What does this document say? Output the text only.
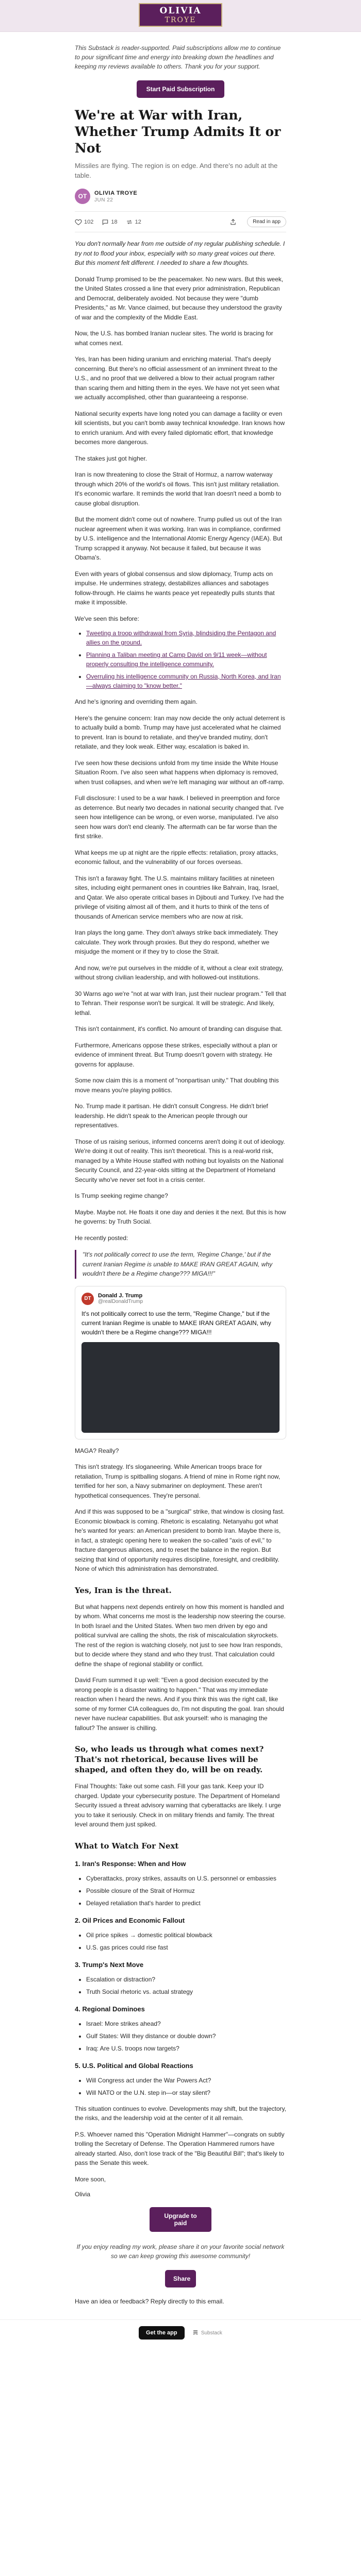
OLIVIA
TROYE

This Substack is reader-supported. Paid subscriptions allow me to continue to pour significant time and energy into breaking down the headlines and keeping my reviews available to others. Thank you for your support.

Start Paid Subscription
We're at War with Iran, Whether Trump Admits It or Not

Missiles are flying. The region is on edge. And there's no adult at the table.

OT	OLIVIA TROYE
JUN 22
102	18	12	Read in app

You don't normally hear from me outside of my regular publishing schedule. I try not to flood your inbox, especially with so many great voices out there. But this moment felt different. I needed to share a few thoughts.

Donald Trump promised to be the peacemaker. No new wars. But this week, the United States crossed a line that every prior administration, Republican and Democrat, deliberately avoided. Not because they were "dumb Presidents," as Mr. Vance claimed, but because they understood the gravity of war and the complexity of the Middle East.

Now, the U.S. has bombed Iranian nuclear sites. The world is bracing for what comes next.

Yes, Iran has been hiding uranium and enriching material. That's deeply concerning. But there's no official assessment of an imminent threat to the U.S., and no proof that we delivered a blow to their actual program rather than scaring them and hitting them in the eyes. We have not yet seen what we actually accomplished, other than guaranteeing a response.

National security experts have long noted you can damage a facility or even kill scientists, but you can't bomb away technical knowledge. Iran knows how to enrich uranium. And with every failed diplomatic effort, that knowledge becomes more dangerous.

The stakes just got higher.

Iran is now threatening to close the Strait of Hormuz, a narrow waterway through which 20% of the world's oil flows. This isn't just military retaliation. It's economic warfare. It reminds the world that Iran doesn't need a bomb to cause global disruption.

But the moment didn't come out of nowhere. Trump pulled us out of the Iran nuclear agreement when it was working. Iran was in compliance, confirmed by U.S. intelligence and the International Atomic Energy Agency (IAEA). But Trump scrapped it anyway. Not because it failed, but because it was Obama's.

Even with years of global consensus and slow diplomacy, Trump acts on impulse. He undermines strategy, destabilizes alliances and sabotages follow-through. He claims he wants peace yet repeatedly pulls stunts that make it impossible.

We've seen this before:

• Tweeting a troop withdrawal from Syria, blindsiding the Pentagon and allies on the ground.
• Planning a Taliban meeting at Camp David on 9/11 week—without properly consulting the intelligence community.
• Overruling his intelligence community on Russia, North Korea, and Iran—always claiming to "know better."

And he's ignoring and overriding them again.

Here's the genuine concern: Iran may now decide the only actual deterrent is to actually build a bomb. Trump may have just accelerated what he claimed to prevent. Iran is bound to retaliate, and they've branded mutiny, don't retaliate, and they look weak. Either way, escalation is baked in.

I've seen how these decisions unfold from my time inside the White House Situation Room. I've also seen what happens when diplomacy is removed, when trust collapses, and when we're left managing war without an off-ramp.

Full disclosure: I used to be a war hawk. I believed in preemption and force as deterrence. But nearly two decades in national security changed that. I've seen how intelligence can be wrong, or even worse, manipulated. I've also seen how wars don't end cleanly. The aftermath can be far worse than the first strike.

What keeps me up at night are the ripple effects: retaliation, proxy attacks, economic fallout, and the vulnerability of our forces overseas.

This isn't a faraway fight. The U.S. maintains military facilities at nineteen sites, including eight permanent ones in countries like Bahrain, Iraq, Israel, and Qatar. We also operate critical bases in Djibouti and Turkey. I've had the privilege of visiting almost all of them, and it hurts to think of the tens of thousands of American service members who are now at risk.

Iran plays the long game. They don't always strike back immediately. They calculate. They work through proxies. But they do respond, whether we misjudge the moment or if they try to close the Strait.

And now, we're put ourselves in the middle of it, without a clear exit strategy, without strong civilian leadership, and with hollowed-out institutions.

30 Warns ago we're "not at war with Iran, just their nuclear program." Tell that to Tehran. Their response won't be surgical. It will be strategic. And likely, lethal.

This isn't containment, it's conflict. No amount of branding can disguise that.

Furthermore, Americans oppose these strikes, especially without a plan or evidence of imminent threat. But Trump doesn't govern with strategy. He governs for applause.

Some now claim this is a moment of "nonpartisan unity." That doubling this move means you're playing politics.

No. Trump made it partisan. He didn't consult Congress. He didn't brief leadership. He didn't speak to the American people through our representatives.

Those of us raising serious, informed concerns aren't doing it out of ideology. We're doing it out of reality. This isn't theoretical. This is a real-world risk, managed by a White House staffed with nothing but loyalists on the National Security Council, and 22-year-olds sitting at the Department of Homeland Security who've never set foot in a crisis center.

Is Trump seeking regime change?

Maybe. Maybe not. He floats it one day and denies it the next. But this is how he governs: by Truth Social.

He recently posted:

"It's not politically correct to use the term, 'Regime Change,' but if the current Iranian Regime is unable to MAKE IRAN GREAT AGAIN, why wouldn't there be a Regime change??? MIGA!!!"
DT	Donald J. Trump
@realDonaldTrump
It's not politically correct to use the term, "Regime Change," but if the current Iranian Regime is unable to MAKE IRAN GREAT AGAIN, why wouldn't there be a Regime change??? MIGA!!!

MAGA? Really?

This isn't strategy. It's sloganeering. While American troops brace for retaliation, Trump is spitballing slogans. A friend of mine in Rome right now, terrified for her son, a Navy submariner on deployment. These aren't hypothetical consequences. They're personal.

And if this was supposed to be a "surgical" strike, that window is closing fast. Economic blowback is coming. Rhetoric is escalating. Netanyahu got what he's wanted for years: an American president to bomb Iran. Maybe there is, in fact, a strategic opening here to weaken the so-called "axis of evil," to fracture dangerous alliances, and to reset the balance in the region. But seizing that kind of opportunity requires discipline, foresight, and credibility. None of which this administration has demonstrated.

Yes, Iran is the threat.

But what happens next depends entirely on how this moment is handled and by whom. What concerns me most is the leadership now steering the course. In both Israel and the United States. When two men driven by ego and political survival are calling the shots, the risk of miscalculation skyrockets. The rest of the region is watching closely, not just to see how Iran responds, but to decide where they stand and who they trust. That calculation could define the shape of regional stability or conflict.

David Frum summed it up well: "Even a good decision executed by the wrong people is a disaster waiting to happen." That was my immediate reaction when I heard the news. And if you think this was the right call, like some of my former CIA colleagues do, I'm not disputing the goal. Iran should never have nuclear capabilities. But ask yourself: who is managing the fallout? The answer is chilling.

So, who leads us through what comes next? That's not rhetorical, because lives will be shaped, and often they do, will be on ready.

Final Thoughts: Take out some cash. Fill your gas tank. Keep your ID charged. Update your cybersecurity posture. The Department of Homeland Security issued a threat advisory warning that cyberattacks are likely. I urge you to take it seriously. Check in on military friends and family. The threat level around them just spiked.

What to Watch For Next
1. Iran's Response: When and How
• Cyberattacks, proxy strikes, assaults on U.S. personnel or embassies
• Possible closure of the Strait of Hormuz
• Delayed retaliation that's harder to predict
2. Oil Prices and Economic Fallout
• Oil price spikes → domestic political blowback
• U.S. gas prices could rise fast
3. Trump's Next Move
• Escalation or distraction?
• Truth Social rhetoric vs. actual strategy
4. Regional Dominoes
• Israel: More strikes ahead?
• Gulf States: Will they distance or double down?
• Iraq: Are U.S. troops now targets?
5. U.S. Political and Global Reactions
• Will Congress act under the War Powers Act?
• Will NATO or the U.N. step in—or stay silent?

This situation continues to evolve. Developments may shift, but the trajectory, the risks, and the leadership void at the center of it all remain.

P.S. Whoever named this "Operation Midnight Hammer"—congrats on subtly trolling the Secretary of Defense. The Operation Hammered rumors have already started. Also, don't lose track of the "Big Beautiful Bill"; that's likely to pass the Senate this week.

More soon,

Olivia

Upgrade to paid

If you enjoy reading my work, please share it on your favorite social network so we can keep growing this awesome community!

Share

Have an idea or feedback? Reply directly to this email.

Get the app	Substack
